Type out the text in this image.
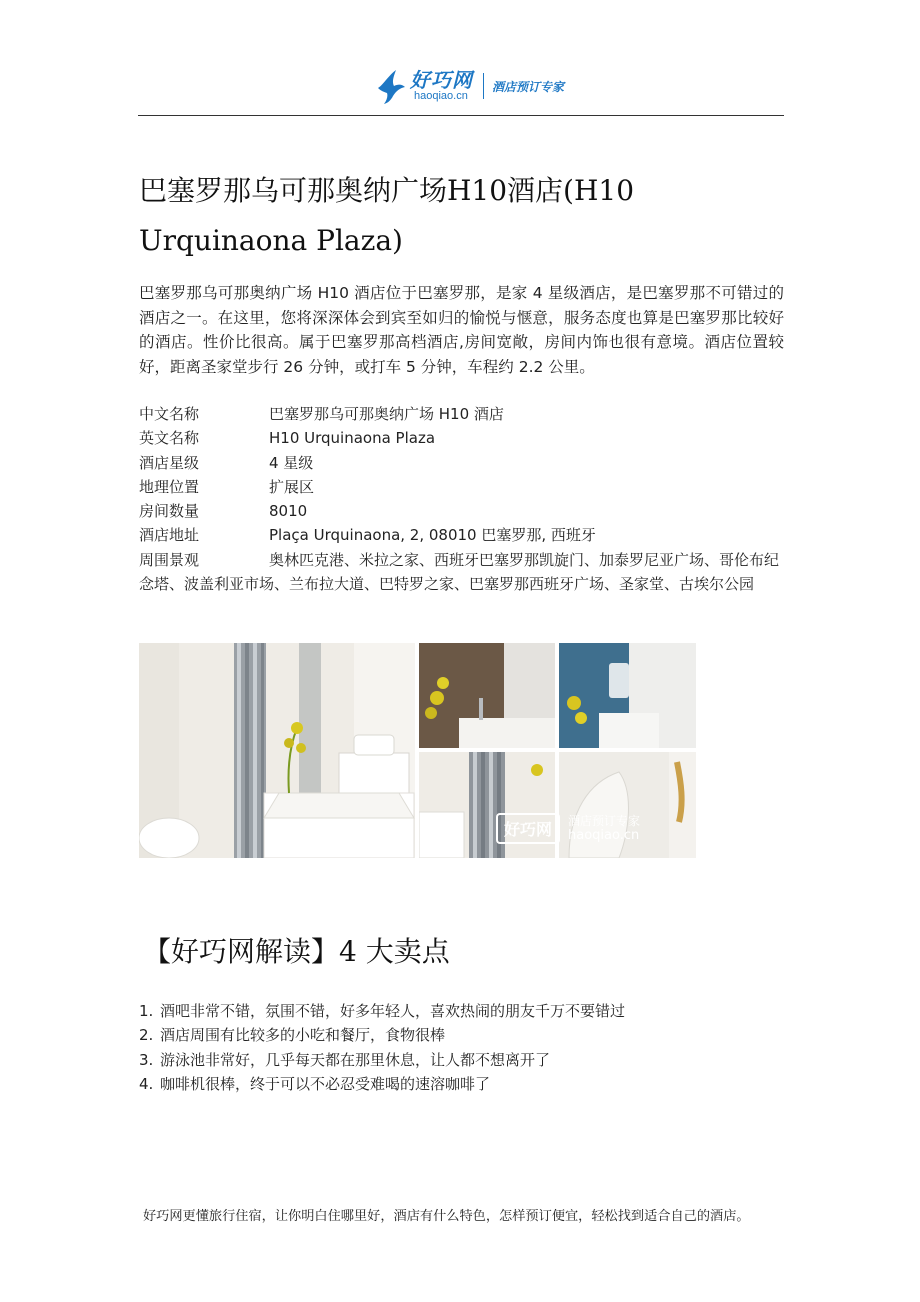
好巧网
haoqiao.cn
酒店预订专家
巴塞罗那乌可那奥纳广场H10酒店(H10 Urquinaona Plaza)

巴塞罗那乌可那奥纳广场 H10 酒店位于巴塞罗那，是家 4 星级酒店，是巴塞罗那不可错过的酒店之一。在这里，您将深深体会到宾至如归的愉悦与惬意，服务态度也算是巴塞罗那比较好的酒店。性价比很高。属于巴塞罗那高档酒店,房间宽敞，房间内饰也很有意境。酒店位置较好，距离圣家堂步行 26 分钟，或打车 5 分钟，车程约 2.2 公里。

中文名称	巴塞罗那乌可那奥纳广场 H10 酒店
英文名称	H10 Urquinaona Plaza
酒店星级	4 星级
地理位置	扩展区
房间数量	8010
酒店地址	Plaça Urquinaona, 2, 08010 巴塞罗那, 西班牙
周围景观	奥林匹克港、米拉之家、西班牙巴塞罗那凯旋门、加泰罗尼亚广场、哥伦布纪念塔、波盖利亚市场、兰布拉大道、巴特罗之家、巴塞罗那西班牙广场、圣家堂、古埃尔公园
好巧网	酒店预订专家
haoqiao.cn
【好巧网解读】4 大卖点
1. 酒吧非常不错，氛围不错，好多年轻人，喜欢热闹的朋友千万不要错过
2. 酒店周围有比较多的小吃和餐厅，食物很棒
3. 游泳池非常好，几乎每天都在那里休息，让人都不想离开了
4. 咖啡机很棒，终于可以不必忍受难喝的速溶咖啡了
好巧网更懂旅行住宿，让你明白住哪里好，酒店有什么特色，怎样预订便宜，轻松找到适合自己的酒店。
